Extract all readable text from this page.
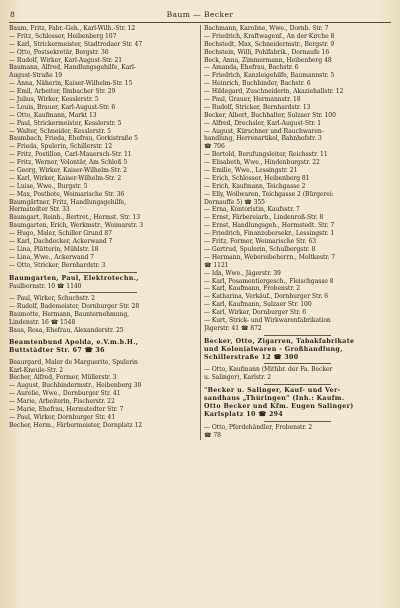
8	Baum — Becker
Baum, Fritz, Fabr.-Geh., Karl-Wilh.-Str. 12
— Fritz, Schlosser, Heibenberg 107
— Karl, Strickermeister, Stadtrodaer Str. 47
— Otto, Postsekretär, Bergstr. 36
— Rudolf, Wirker, Karl-August-Str. 21
Baumann, Alfred, Handlungsgehilfe, Karl-
August-Straße 19
— Anna, Näherin, Kaiser-Wilhelm-Str. 15
— Emil, Arbeiter, Ilmbacher Str. 29
— Julius, Wirker, Kesslerstr. 5
— Louis, Brauer, Karl-August-Str. 6
— Otto, Kaufmann, Markt 13
— Paul, Strickermeister, Kesslerstr. 5
— Walter, Schneider, Kesslerstr. 5
Baumbach, Frieda, Ehefrau, Gorkistraße 5
— Frieda, Spulerin, Schillerstr. 12
— Fritz, Postillon, Carl-Mauersch-Str. 11
— Fritz, Werner, Volontär, Am Schloß 5
— Georg, Wirker, Kaiser-Wilhelm-Str. 2
— Karl, Wirker, Kaiser-Wilhelm-Str. 2
— Luise, Wwe., Burgstr. 5
— Max, Postbote, Weimarische Str. 36
Baumgärtner, Fritz, Handlungsgehilfe,
Hermstedter Str. 33
Baumgart, Reinh., Bertret., Hermst. Str. 13
Baumgarten, Erich, Werkmstr., Weimarstr. 3
— Hugo, Maler, Schiller Grund 87
— Karl, Dachdecker, Ackerwand 7
— Lina, Plätterin, Mühlstr. 18
— Lina, Wwe., Ackerwand 7
— Otto, Stricker, Bernhardstr. 3
Baumgarten, Paul, Elektrotechn.,
Faulbornstr. 10 ☎ 1140
— Paul, Wirker, Schuchstr. 2
— Rudolf, Bademeister, Dornburger Str. 28
Baumotte, Hermann, Baunternehmung,
Lindenstr. 16 ☎ 1548
Baus, Rosa, Ehefrau, Alexanderstr. 25
Beamtenbund Apolda, e.V.m.b.H.,
Buttstädter Str. 67 ☎ 36
Beaurgard, Maler de Marguerite, Spulerin
Karl-Kneule-Str. 2
Becher, Alfred, Former, Müllerstr. 3
— August, Buchbindermstr., Heibenberg 30
— Aurelie, Wwe., Dornburger Str. 41
— Marie, Arbeiterin, Fischerstr. 22
— Marie, Ehefrau, Hermstedter Str. 7
— Paul, Wirker, Dornburger Str. 41
Becher, Herm., Färbermeister, Dornplatz 12
Bachmann, Karoline, Wwe., Dornb. Str. 7
— Friedrich, Kraftwagenf., An der Kirche 8
Bechstedt, Max, Schneidermstr., Bergstr. 9
Bechstein, Willi, Pohlfabrik., Dornaufe 16
Beck, Anna, Zimmermann, Heibenberg 48
— Amanda, Ehefrau, Bachstr. 6
— Friedrich, Kanzleigehilfe, Baumannstr. 5
— Heinrich, Buchbinder, Bachstr. 6
— Hildegard, Zuschneiderin, Akaziehallstr. 12
— Paul, Grauer, Hermannstr. 18
— Rudolf, Stricker, Bernhardstr. 13
Becker, Albert, Buchhalter, Sulzaer Str. 100
— Alfred, Drechsler, Karl-August-Str. 1
— August, Kürschner und Rauchwaren-
handlung, Herrenartikel, Bahnhofstr. 3
☎ 706
— Bertold, Berufungsleiter, Reichsstr. 11
— Elisabeth, Wwe., Hindenburgstr. 22
— Emilie, Wwe., Lessingstr. 21
— Erich, Schlosser, Heibenberg 81
— Erich, Kaufmann, Teichgasse 2
— Elly, Wollwaren, Teichgasse 2 (Bürgerei:
Dornauffe 5) ☎ 355
— Erna, Kontoristin, Kaufsstr. 7
— Ernst, Färbereiarb., Lindenroß-Str. 8
— Ernst, Handlungsgeh., Hermstedt. Str. 7
— Friedrich, Finanzobersekr., Lessingstr. 1
— Fritz, Former, Weimarische Str. 63
— Gertrud, Spulerin, Schulbergstr. 8
— Hermann, Webereibeherrn., Moltkestr. 7
☎ 1121
— Ida, Wwe., Jägerstr. 39
— Karl, Posamentiergesch., Fleischgasse 8
— Karl, Kaufmann, Frobenstr. 2
— Katharina, Verkäuf., Dornburger Str. 6
— Karl, Kaufmann, Sulzaer Str. 100
— Karl, Wirker, Dornburger Str. 6
— Kurt, Strick- und Wirkwarenfabrikation
Jägerstr. 41 ☎ 872
Becker, Otto, Zigarren, Tabakfabrikate
und Kolonialwaren - Großhandlung,
Schillerstraße 12 ☎ 300
— Otto, Kaufmann (Mithbr. der Fa. Becker
u. Salinger), Karlstr. 2
"Becker u. Salinger, Kauf- und Ver-
sandhaus „Thüringen" (Inh.: Kaufm.
Otto Becker und Kfm. Eugen Salinger)
Karlsplatz 10 ☎ 294
— Otto, Pferdehändler, Frobenstr. 2
☎ 78
